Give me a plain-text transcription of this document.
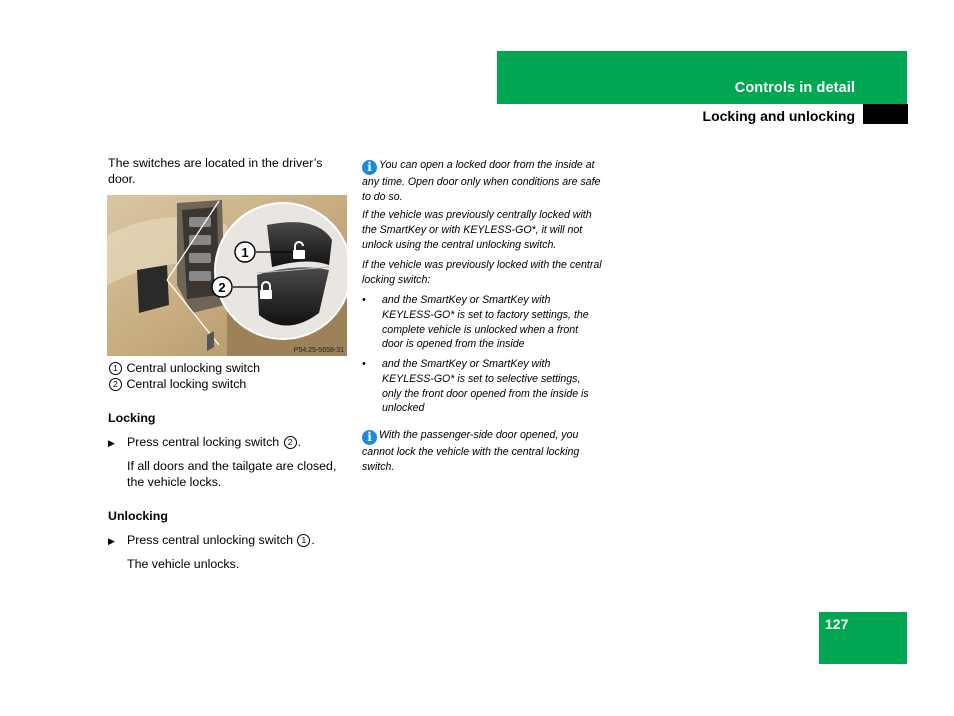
Controls in detail
Locking and unlocking
127
The switches are located in the driver’s door.
1
2
P54.25-5658-31
1 Central unlocking switch
2 Central locking switch
Locking
▶ Press central locking switch 2 .
If all doors and the tailgate are closed, the vehicle locks.
Unlocking
▶ Press central unlocking switch 1 .
The vehicle unlocks.
i You can open a locked door from the inside at any time. Open door only when conditions are safe to do so.
If the vehicle was previously centrally locked with the SmartKey or with KEYLESS-GO*, it will not unlock using the central unlocking switch.
If the vehicle was previously locked with the central locking switch:
• and the SmartKey or SmartKey with KEYLESS-GO* is set to factory settings, the complete vehicle is unlocked when a front door is opened from the inside
• and the SmartKey or SmartKey with KEYLESS-GO* is set to selective settings, only the front door opened from the inside is unlocked
i With the passenger-side door opened, you cannot lock the vehicle with the central locking switch.
